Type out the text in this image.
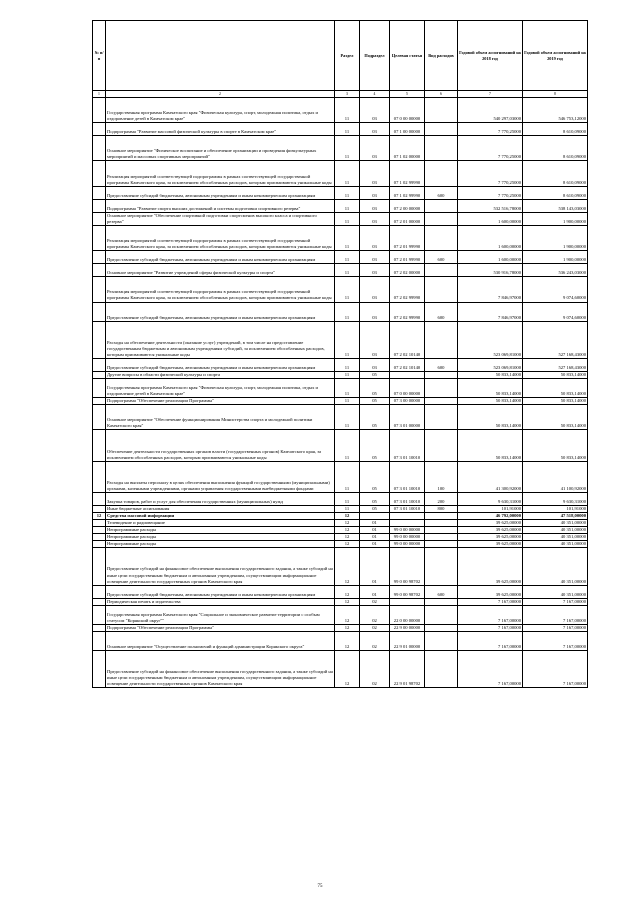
№ п/п		Раздел	Подраздел	Целевая статья	Вид расходов	Годовой объем ассигнований на 2018 год	Годовой объем ассигнований на 2019 год
1	2	3	4	5	6	7	8
	Государственная программа Камчатского края "Физическая культура, спорт, молодежная политика, отдых и оздоровление детей в Камчатском крае"	11	03	07 0 00 00000		540 297,03000	546 753,12000
	Подпрограмма "Развитие массовой физической культуры в спорте в Камчатском крае"	11	03	07 1 00 00000		7 770,25000	8 610,09000
	Основное мероприятие "Физическое воспитание и обеспечение организации и проведения физкультурных мероприятий и массовых спортивных мероприятий"	11	03	07 1 02 00000		7 770,25000	8 610,09000
	Реализация мероприятий соответствующей подпрограммы в рамках соответствующей государственной программы Камчатского края, за исключением обособленных расходов, которым присваиваются уникальные коды	11	03	07 1 02 99990		7 770,25000	8 610,09000
	Предоставление субсидий бюджетным, автономным учреждениям и иным некоммерческим организациям	11	03	07 1 02 99990	600	7 770,25000	8 610,09000
	Подпрограмма "Развитие спорта высших достижений и системы подготовки спортивного резерва"	11	03	07 2 00 00000		532 516,78000	538 143,03000
	Основное мероприятие "Обеспечение спортивной подготовки спортсменов высокого класса и спортивного резерва"	11	03	07 2 01 00000		1 600,00000	1 900,00000
	Реализация мероприятий соответствующей подпрограммы в рамках соответствующей государственной программы Камчатского края, за исключением обособленных расходов, которым присваиваются уникальные коды	11	03	07 2 01 99990		1 600,00000	1 900,00000
	Предоставление субсидий бюджетным, автономным учреждениям и иным некоммерческим организациям	11	03	07 2 01 99990	600	1 600,00000	1 900,00000
	Основное мероприятие "Развитие учреждений сферы физической культуры и спорта"	11	03	07 2 02 00000		530 916,78000	536 243,03000
	Реализация мероприятий соответствующей подпрограммы в рамках соответствующей государственной программы Камчатского края, за исключением обособленных расходов, которым присваиваются уникальные коды	11	03	07 2 02 99990		7 846,97000	9 074,60000
	Предоставление субсидий бюджетным, автономным учреждениям и иным некоммерческим организациям	11	03	07 2 02 99990	600	7 846,97000	9 074,60000
	Расходы на обеспечение деятельности (оказание услуг) учреждений, в том числе на предоставление государственным бюджетным и автономным учреждениям субсидий, за исключением обособленных расходов, которым присваиваются уникальные коды	11	03	07 2 02 10140		523 069,81000	527 168,43000
	Предоставление субсидий бюджетным, автономным учреждениям и иным некоммерческим организациям	11	03	07 2 02 10140	600	523 069,81000	527 168,43000
	Другие вопросы в области физической культуры и спорта	11	05			50 833,14000	50 833,14000
	Государственная программа Камчатского края "Физическая культура, спорт, молодежная политика, отдых и оздоровление детей в Камчатском крае"	11	05	07 0 00 00000		50 833,14000	50 833,14000
	Подпрограмма "Обеспечение реализации Программы"	11	05	07 3 00 00000		50 833,14000	50 833,14000
	Основное мероприятие "Обеспечение функционирования Министерства спорта и молодежной политики Камчатского края"	11	05	07 3 01 00000		50 833,14000	50 833,14000
	Обеспечение деятельности государственных органов власти (государственных органов) Камчатского края, за исключением обособленных расходов, которым присваиваются уникальные коды	11	05	07 3 01 10010		50 833,14000	50 833,14000
	Расходы на выплаты персоналу в целях обеспечения выполнения функций государственными (муниципальными) органами, казенными учреждениями, органами управления государственными внебюджетными фондами	11	05	07 3 01 10010	100	41 300,92000	41 100,92000
	Закупка товаров, работ и услуг для обеспечения государственных (муниципальных) нужд	11	05	07 3 01 10010	200	9 630,31000	9 630,31000
	Иные бюджетные ассигнования	11	05	07 3 01 10010	800	101,91000	101,91000
12	Средства массовой информации	12				46 792,00000	47 518,00000
	Телевидение и радиовещание	12	01			39 625,00000	40 351,00000
	Непрограммные расходы	12	01	99 0 00 00000		39 625,00000	40 351,00000
	Непрограммные расходы	12	01	99 0 00 00000		39 625,00000	40 351,00000
	Непрограммные расходы	12	01	99 0 00 00000		39 625,00000	40 351,00000
	Предоставление субсидий на финансовое обеспечение выполнения государственного задания, а также субсидий на иные цели государственным бюджетным и автономным учреждениям, осуществляющим информационное освещение деятельности государственных органов Камчатского края	12	01	99 0 00 98702		39 625,00000	40 351,00000
	Предоставление субсидий бюджетным, автономным учреждениям и иным некоммерческим организациям	12	01	99 0 00 98702	600	39 625,00000	40 351,00000
	Периодическая печать и издательства	12	02			7 167,00000	7 167,00000
	Государственная программа Камчатского края "Социальное и экономическое развитие территории с особым статусом "Корякский округ""	12	02	22 0 00 00000		7 167,00000	7 167,00000
	Подпрограмма "Обеспечение реализации Программы"	12	02	22 9 00 00000		7 167,00000	7 167,00000
	Основное мероприятие "Осуществление полномочий и функций администрации Корякского округа"	12	02	22 9 01 00000		7 167,00000	7 167,00000
	Предоставление субсидий на финансовое обеспечение выполнения государственного задания, а также субсидий на иные цели государственным бюджетным и автономным учреждениям, осуществляющим информационное освещение деятельности государственных органов Камчатского края	12	02	22 9 01 98702		7 167,00000	7 167,00000
75
